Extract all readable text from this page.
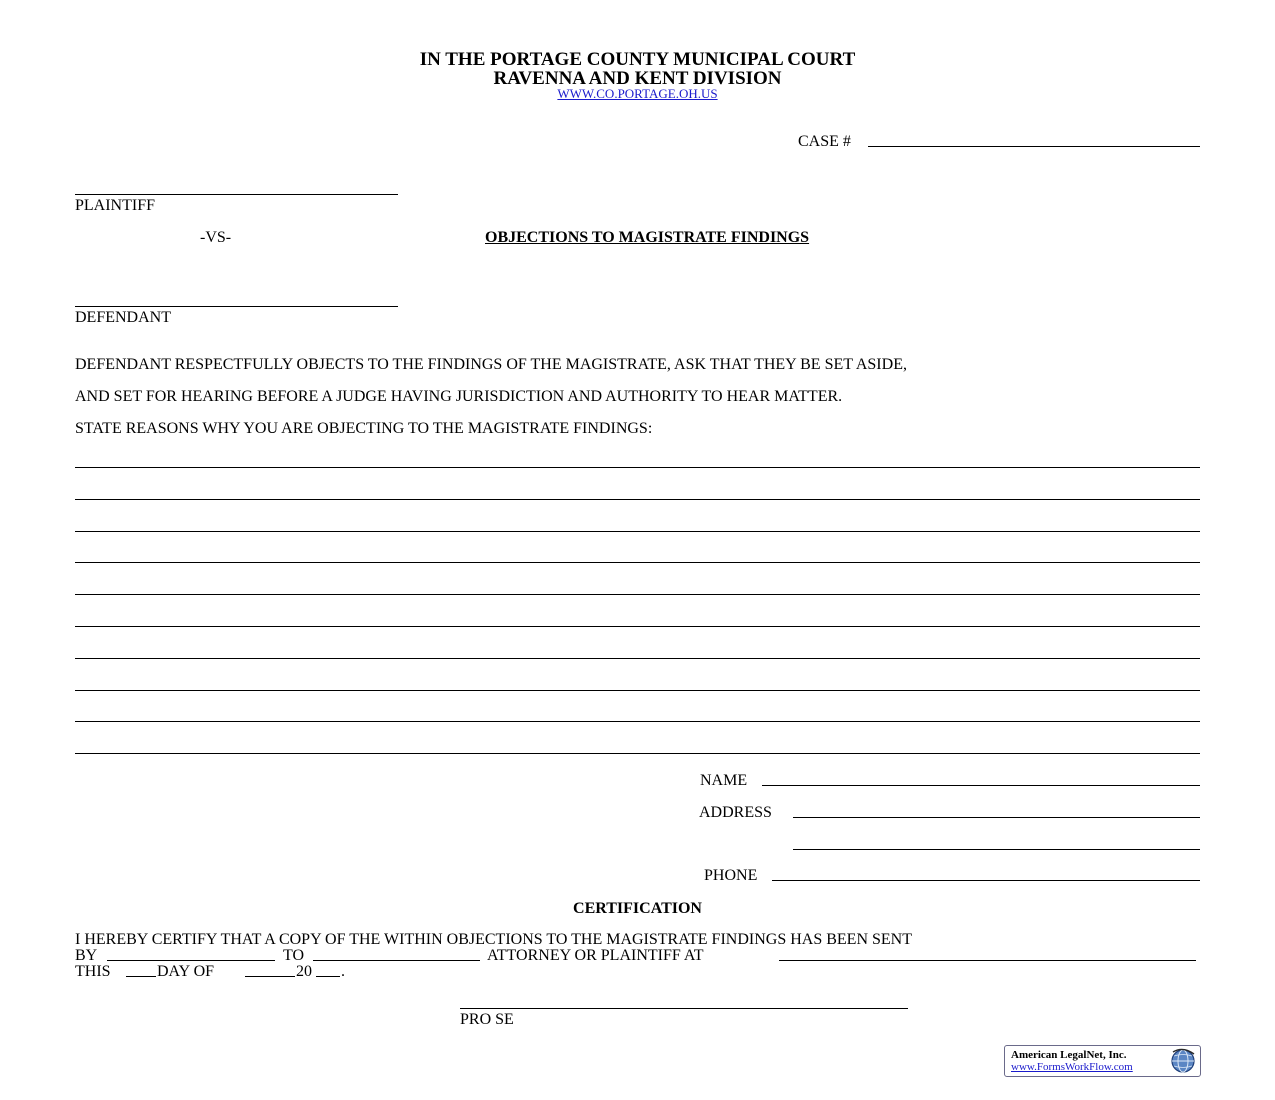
IN THE PORTAGE COUNTY MUNICIPAL COURT
RAVENNA AND KENT DIVISION
WWW.CO.PORTAGE.OH.US
CASE #
PLAINTIFF
-VS-	OBJECTIONS TO MAGISTRATE FINDINGS
DEFENDANT
DEFENDANT RESPECTFULLY OBJECTS TO THE FINDINGS OF THE MAGISTRATE, ASK THAT THEY BE SET ASIDE,
AND SET FOR HEARING BEFORE A JUDGE HAVING JURISDICTION AND AUTHORITY TO HEAR MATTER.
STATE REASONS WHY YOU ARE OBJECTING TO THE MAGISTRATE FINDINGS:
NAME
ADDRESS
PHONE
CERTIFICATION
I HEREBY CERTIFY THAT A COPY OF THE WITHIN OBJECTIONS TO THE MAGISTRATE FINDINGS HAS BEEN SENT
BY	TO	ATTORNEY OR PLAINTIFF AT
THIS	DAY OF	20 .
PRO SE
American LegalNet, Inc.
www.FormsWorkFlow.com
